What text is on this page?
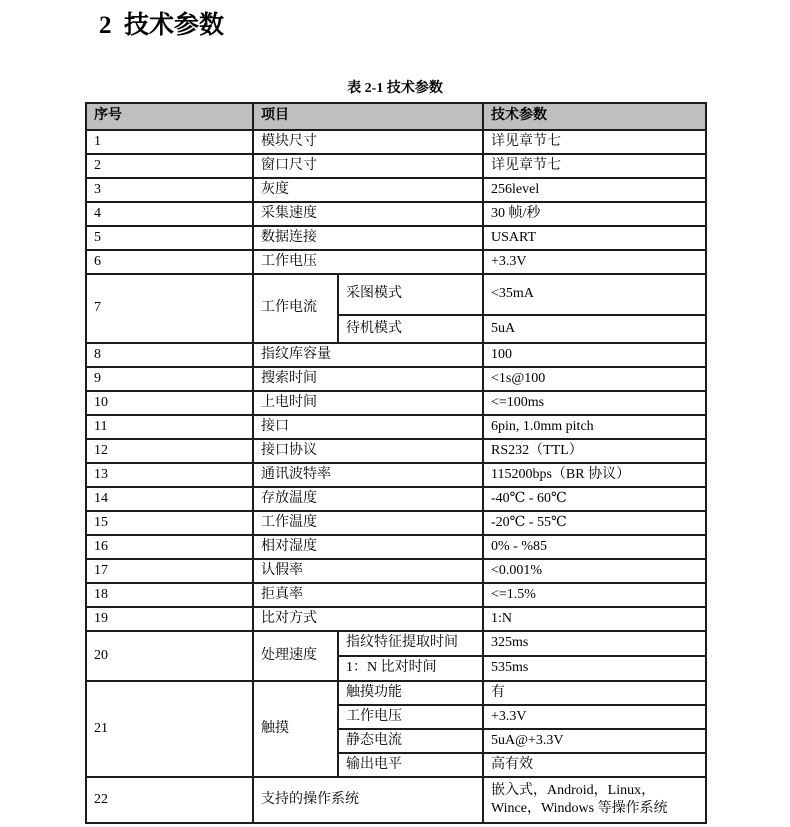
2  技术参数
表 2-1 技术参数
序号	项目		技术参数
1	模块尺寸		详见章节七
2	窗口尺寸		详见章节七
3	灰度		256level
4	采集速度		30 帧/秒
5	数据连接		USART
6	工作电压		+3.3V
7	工作电流	采图模式	<35mA
		待机模式	5uA
8	指纹库容量		100
9	搜索时间		<1s@100
10	上电时间		<=100ms
11	接口		6pin, 1.0mm pitch
12	接口协议		RS232（TTL）
13	通讯波特率		115200bps（BR 协议）
14	存放温度		-40℃ - 60℃
15	工作温度		-20℃ - 55℃
16	相对湿度		0% - %85
17	认假率		<0.001%
18	拒真率		<=1.5%
19	比对方式		1:N
20	处理速度	指纹特征提取时间	325ms
		1：N 比对时间	535ms
21	触摸	触摸功能	有
		工作电压	+3.3V
		静态电流	5uA@+3.3V
		输出电平	高有效
22	支持的操作系统		嵌入式，Android，Linux，Wince，Windows 等操作系统
